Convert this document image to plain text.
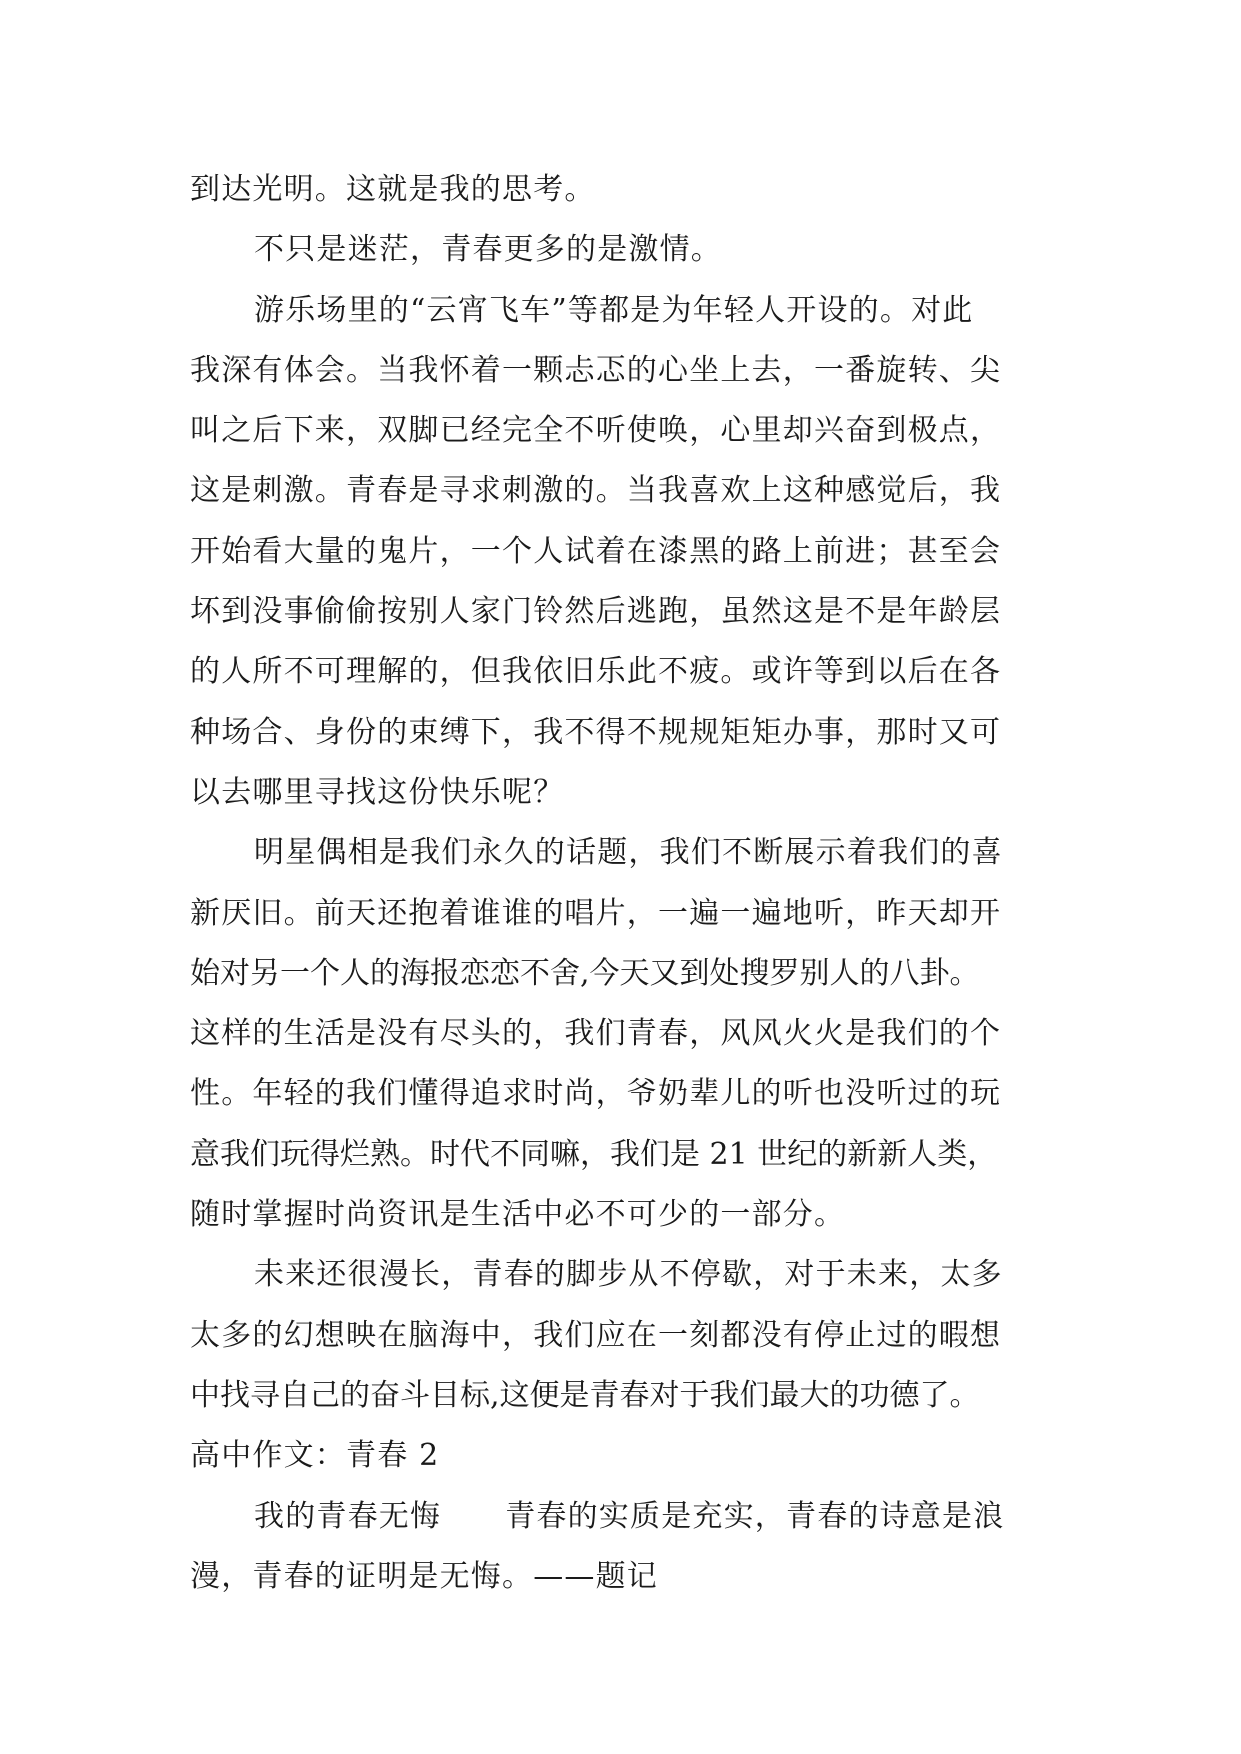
到达光明。这就是我的思考。
不只是迷茫，青春更多的是激情。
游乐场里的“云宵飞车”等都是为年轻人开设的。对此
我深有体会。当我怀着一颗忐忑的心坐上去，一番旋转、尖
叫之后下来，双脚已经完全不听使唤，心里却兴奋到极点，
这是刺激。青春是寻求刺激的。当我喜欢上这种感觉后，我
开始看大量的鬼片，一个人试着在漆黑的路上前进；甚至会
坏到没事偷偷按别人家门铃然后逃跑，虽然这是不是年龄层
的人所不可理解的，但我依旧乐此不疲。或许等到以后在各
种场合、身份的束缚下，我不得不规规矩矩办事，那时又可
以去哪里寻找这份快乐呢？
明星偶相是我们永久的话题，我们不断展示着我们的喜
新厌旧。前天还抱着谁谁的唱片，一遍一遍地听，昨天却开
始对另一个人的海报恋恋不舍,今天又到处搜罗别人的八卦。
这样的生活是没有尽头的，我们青春，风风火火是我们的个
性。年轻的我们懂得追求时尚，爷奶辈儿的听也没听过的玩
意我们玩得烂熟。时代不同嘛，我们是 21 世纪的新新人类，
随时掌握时尚资讯是生活中必不可少的一部分。
未来还很漫长，青春的脚步从不停歇，对于未来，太多
太多的幻想映在脑海中，我们应在一刻都没有停止过的暇想
中找寻自己的奋斗目标,这便是青春对于我们最大的功德了。
高中作文：青春 2
我的青春无悔 青春的实质是充实，青春的诗意是浪
漫，青春的证明是无悔。——题记
